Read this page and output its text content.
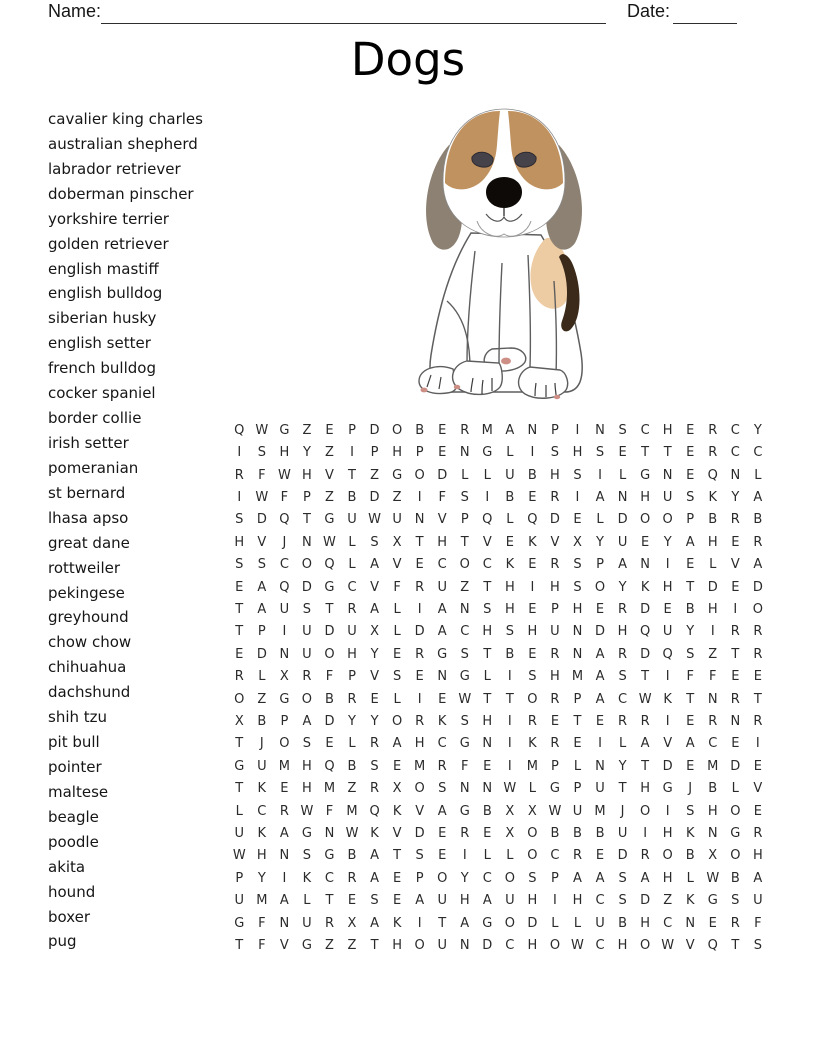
Name:	Date:
Dogs
cavalier king charles
australian shepherd
labrador retriever
doberman pinscher
yorkshire terrier
golden retriever
english mastiff
english bulldog
siberian husky
english setter
french bulldog
cocker spaniel
border collie
irish setter
pomeranian
st bernard
lhasa apso
great dane
rottweiler
pekingese
greyhound
chow chow
chihuahua
dachshund
shih tzu
pit bull
pointer
maltese
beagle
poodle
akita
hound
boxer
pug
Q W G	Z	E	P	D O B	E	R M A	N	P	I	N	S	C	H	E	R	C	Y
I	S	H	Y	Z	I	P	H	P	E	N G	L	I	S	H	S	E	T	T	E	R	C	C
R	F W H	V	T	Z	G O D	L	L	U	B	H	S	I	L	G N	E	Q N	L
I	W F	P	Z	B	D	Z	I	F	S	I	B	E	R	I	A	N H U	S	K	Y	A
S	D Q	T	G U W U N	V	P	Q	L	Q D	E	L	D O O	P	B	R	B
H	V	J	N W L	S	X	T	H	T	V	E	K	V	X	Y	U	E	Y	A	H	E	R
S	S	C O Q	L	A	V	E	C O C	K	E	R	S	P	A	N	I	E	L	V	A
E	A Q D G C	V	F	R	U	Z	T	H	I	H	S	O	Y	K	H	T	D	E	D
T	A	U	S	T	R	A	L	I	A	N	S	H	E	P	H	E	R	D	E	B	H	I	O
T	P	I	U D U	X	L	D	A	C	H	S	H U N D H Q U	Y	I	R	R
E	D N U O H	Y	E	R G	S	T	B	E	R	N	A	R	D Q	S	Z	T	R
R	L	X	R	F	P	V	S	E	N G	L	I	S	H M A	S	T	I	F	F	E	E
O Z	G O B	R	E	L	I	E W T	T	O R	P	A	C W K	T	N	R	T
X	B	P	A	D	Y	Y	O R	K	S	H	I	R	E	T	E	R	R	I	E	R	N	R
T	J	O	S	E	L	R	A	H	C G N	I	K	R	E	I	L	A	V	A	C	E	I
G U M H Q B	S	E M R	F	E	I	M	P	L	N	Y	T	D	E M D	E
T	K	E	H M Z	R	X O	S	N N W L	G	P	U	T	H G	J	B	L	V
L	C	R W F	M Q	K	V	A	G	B	X	X W U M	J	O	I	S	H O	E
U	K	A	G N W K	V	D	E	R	E	X O B	B	B	U	I	H	K	N G R
W H N	S	G	B	A	T	S	E	I	L	L	O C	R	E	D	R O B	X O H
P	Y	I	K	C	R	A	E	P	O	Y	C O	S	P	A	A	S	A	H	L W B	A
U M A	L	T	E	S	E	A	U H	A	U H	I	H	C	S	D	Z	K	G	S	U
G	F	N U	R	X	A	K	I	T	A	G O D	L	L	U	B	H	C	N	E	R	F
T	F	V	G	Z	Z	T	H O U N D	C	H O W C	H O W V Q	T	S
